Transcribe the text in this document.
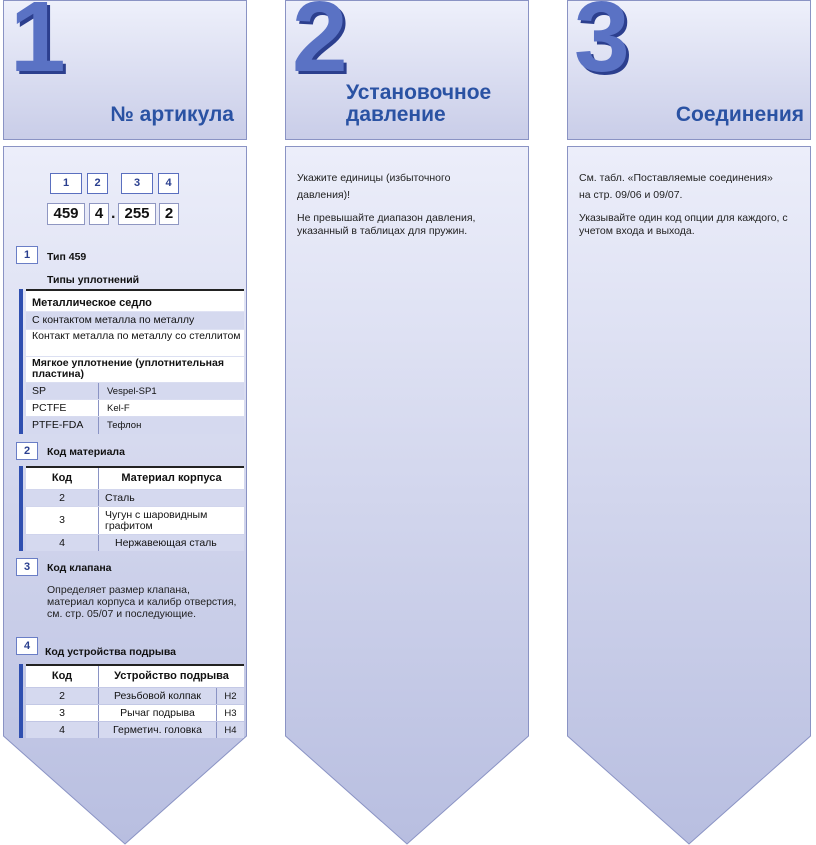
1
№ артикула
1	2	3	4
459	4 . 255	2
1	Тип 459
Типы уплотнений
Металлическое седло
С контактом металла по металлу
Контакт металла по металлу со стеллитом
Мягкое уплотнение (уплотнительная пластина)
SP	Vespel-SP1
PCTFE	Kel-F
PTFE-FDA	Тефлон
2	Код материала
Код	Материал корпуса
2	Сталь
3	Чугун с шаровидным графитом
4	Нержавеющая сталь
3	Код клапана
Определяет размер клапана, материал корпуса и калибр отверстия, см. стр. 05/07 и последующие.
4	Код устройства подрыва
Код	Устройство подрыва
2	Резьбовой колпак	H2
3	Рычаг подрыва	H3
4	Герметич. головка	H4
2
Установочное давление
Укажите единицы (избыточного давления)!
Не превышайте диапазон давления, указанный в таблицах для пружин.
3
Соединения
См. табл. «Поставляемые соединения» на стр. 09/06 и 09/07.
Указывайте один код опции для каждого, с учетом входа и выхода.
